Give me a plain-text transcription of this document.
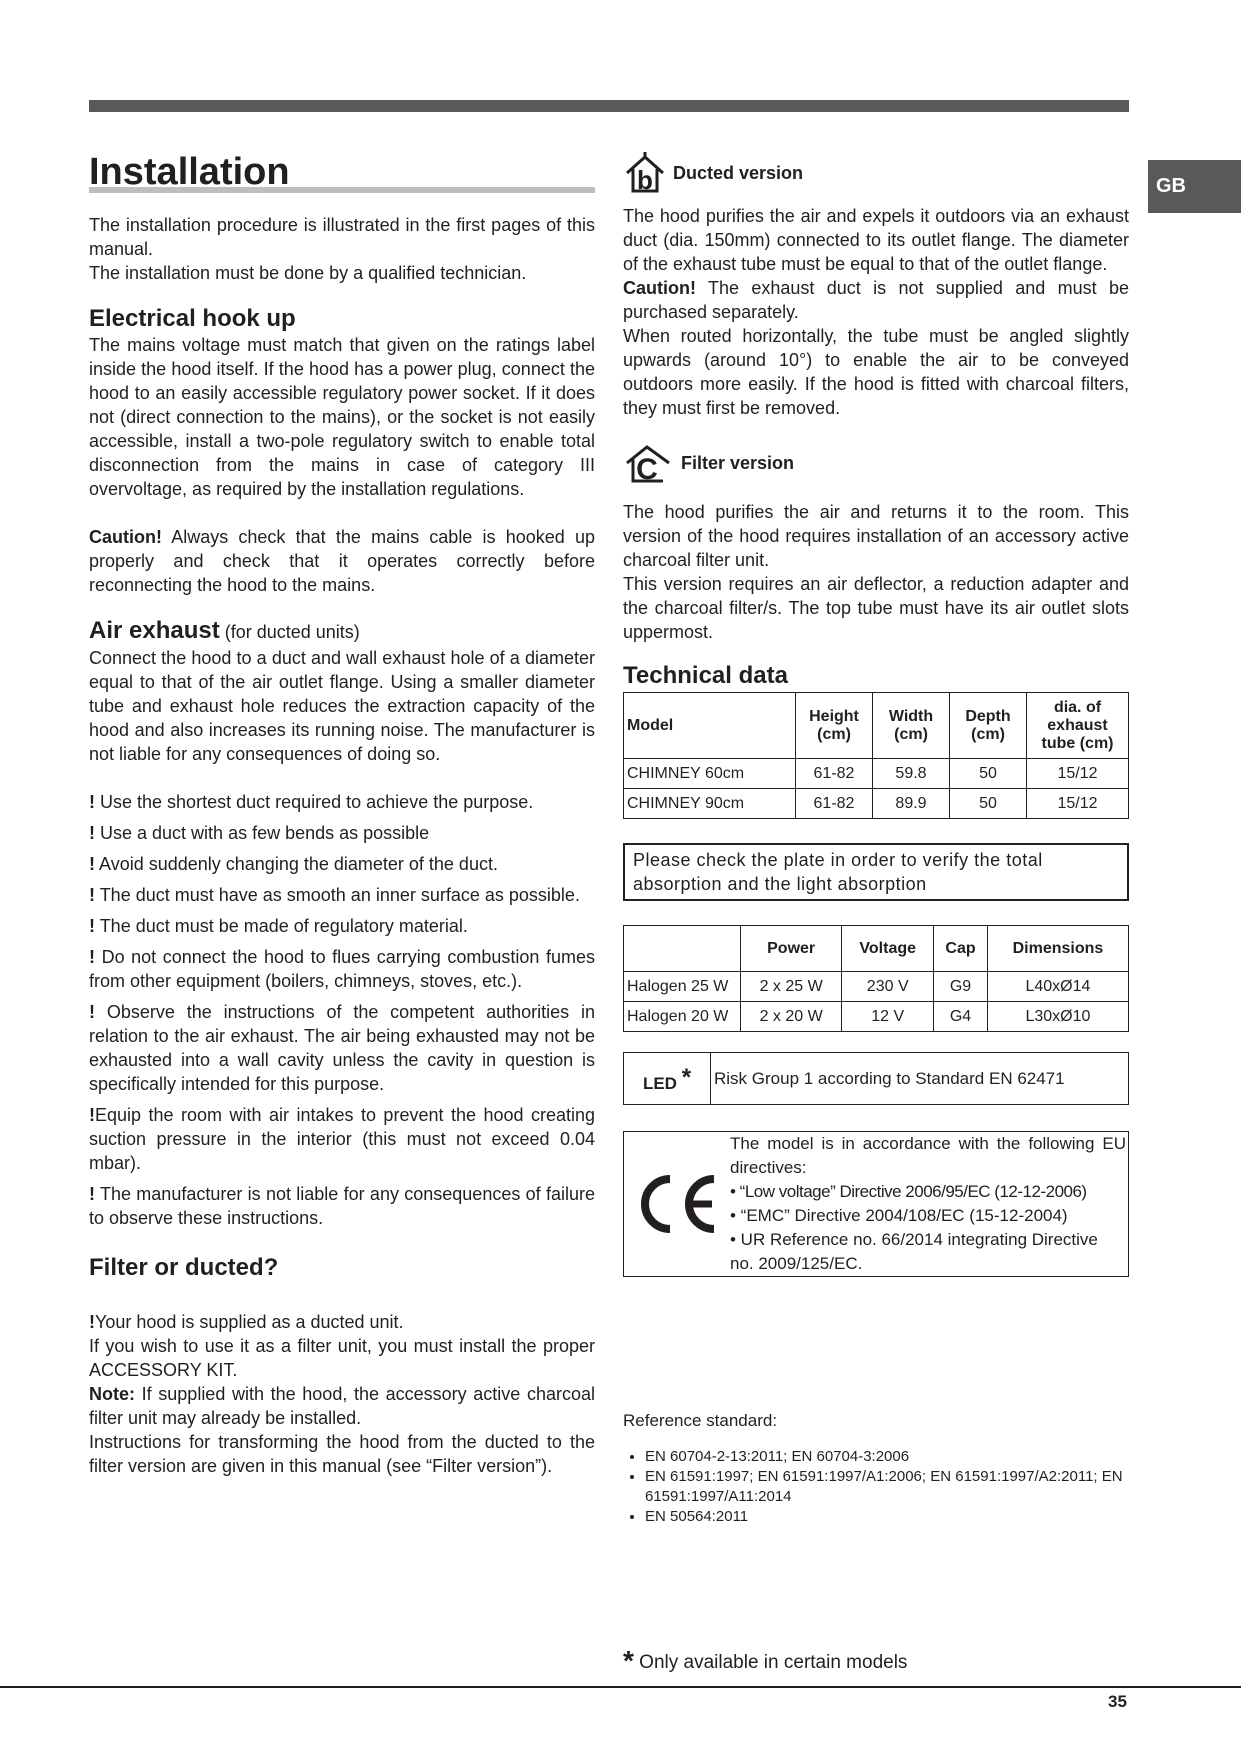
GB
Installation

The installation procedure is illustrated in the first pages of this manual.

The installation must be done by a qualified technician.

Electrical hook up

The mains voltage must match that given on the ratings label inside the hood itself. If the hood has a power plug, connect the hood to an easily accessible regulatory power socket. If it does not (direct connection to the mains), or the socket is not easily accessible, install a two-pole regulatory switch to enable total disconnection from the mains in case of category III overvoltage, as required by the installation regulations.

Caution! Always check that the mains cable is hooked up properly and check that it operates correctly before reconnecting the hood to the mains.

Air exhaust (for ducted units)

Connect the hood to a duct and wall exhaust hole of a diameter equal to that of the air outlet flange. Using a smaller diameter tube and exhaust hole reduces the extraction capacity of the hood and also increases its running noise. The manufacturer is not liable for any consequences of doing so.

! Use the shortest duct required to achieve the purpose.

! Use a duct with as few bends as possible

! Avoid suddenly changing the diameter of the duct.

! The duct must have as smooth an inner surface as possible.

! The duct must be made of regulatory material.

! Do not connect the hood to flues carrying combustion fumes from other equipment (boilers, chimneys, stoves, etc.).

! Observe the instructions of the competent authorities in relation to the air exhaust. The air being exhausted may not be exhausted into a wall cavity unless the cavity in question is specifically intended for this purpose.

!Equip the room with air intakes to prevent the hood creating suction pressure in the interior (this must not exceed 0.04 mbar).

! The manufacturer is not liable for any consequences of failure to observe these instructions.

Filter or ducted?

!Your hood is supplied as a ducted unit.

If you wish to use it as a filter unit, you must install the proper ACCESSORY KIT.

Note: If supplied with the hood, the accessory active charcoal filter unit may already be installed.

Instructions for transforming the hood from the ducted to the filter version are given in this manual (see “Filter version”).

b Ducted version

The hood purifies the air and expels it outdoors via an exhaust duct (dia. 150mm) connected to its outlet flange. The diameter of the exhaust tube must be equal to that of the outlet flange.

Caution! The exhaust duct is not supplied and must be purchased separately.

When routed horizontally, the tube must be angled slightly upwards (around 10°) to enable the air to be conveyed outdoors more easily. If the hood is fitted with charcoal filters, they must first be removed.

C Filter version

The hood purifies the air and returns it to the room. This version of the hood requires installation of an accessory active charcoal filter unit.

This version requires an air deflector, a reduction adapter and the charcoal filter/s. The top tube must have its air outlet slots uppermost.

Technical data
Model	Height (cm)	Width (cm)	Depth (cm)	dia. of exhaust tube (cm)
CHIMNEY 60cm	61-82	59.8	50	15/12
CHIMNEY 90cm	61-82	89.9	50	15/12
Please check the plate in order to verify the total absorption and the light absorption
	Power	Voltage	Cap	Dimensions
Halogen 25 W	2 x 25 W	230 V	G9	L40xØ14
Halogen 20 W	2 x 20 W	12 V	G4	L30xØ10
LED *	Risk Group 1 according to Standard EN 62471
The model is in accordance with the following EU directives:
• “Low voltage” Directive 2006/95/EC (12-12-2006)
• “EMC” Directive 2004/108/EC (15-12-2004)
• UR Reference no. 66/2014 integrating Directive no. 2009/125/EC.

Reference standard:

• EN 60704-2-13:2011; EN 60704-3:2006
• EN 61591:1997; EN 61591:1997/A1:2006; EN 61591:1997/A2:2011; EN 61591:1997/A11:2014
• EN 50564:2011
* Only available in certain models
35
